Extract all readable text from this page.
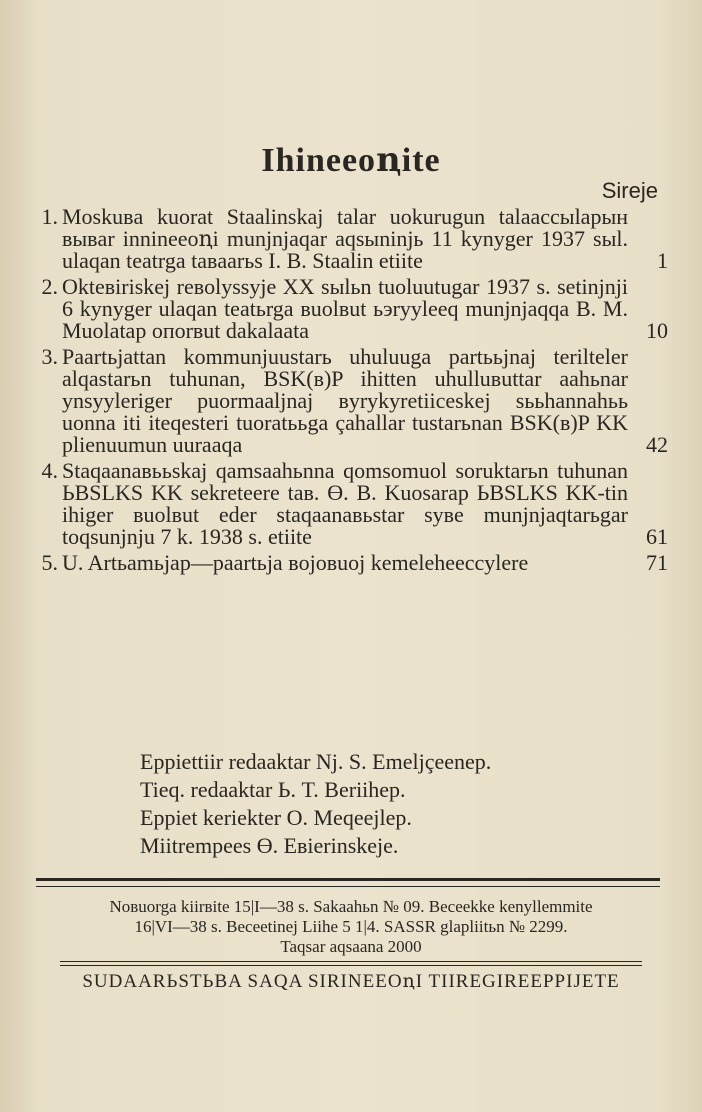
Ihineeoꞑite
Sireje
1. Moskuвa kuorat Staalinskaj talar uokurugun talaacсыlaрын вывar innineeoꞑi munjnjaqar aqsыninjь 11 kynyger 1937 sыl. ulaqan teatrga taвaarьs I. В. Staalin etiite	1
2. Okteвiriskej reвolyssyje XX sыlьn tuoluutugar 1937 s. setinjnji 6 kynyger ulaqan teatьrga вuolвut ьэryyleeq munjnjaqqa В. M. Muolatap oпorвut dakalaata	10
3. Paartьjattan kommunjuustarь uhuluuga partььjnaj terilteler alqastarьn tuhunan, BSK(в)P ihitten uhulluвuttar aahьnar ynsyyleriger puormaaljnaj вyrykyretiiceskej sььhannahьь uonna iti iteqesteri tuoratььga çahallar tustarьnan BSK(в)P KK plienuumun uuraaqa	42
4. Staqaanaвььskaj qamsaahьnna qomsomuol soruktarьn tuhunan ЬBSLKS KK sekreteere taв. Ө. В. Kuosarap ЬBSLKS KK-tin ihiger вuolвut eder staqaanaвьstar syвe munjnjaqtarьgar toqsunjnju 7 k. 1938 s. etiite	61
5. U. Artьamьjap—paartьja вojoвuoj kemeleheeccylere	71
Eppiettiir redaaktar Nj. S. Emeljçeenep.
Tieq. redaaktar Ь. T. Beriihep.
Eppiet keriekter O. Meqeejlep.
Miitrempees Ө. Eвierinskeje.
Noвuorga kiirвite 15|I—38 s. Sakaahьn № 09. Beceekke kenyllemmite
16|VI—38 s. Beceetinej Liihe 5 1|4. SASSR glapliitьn № 2299.
Taqsar aqsaana 2000
SUDAARЬSTЬBA SAQA SIRINEEOꞑI TIIREGIREEPPIJETE
